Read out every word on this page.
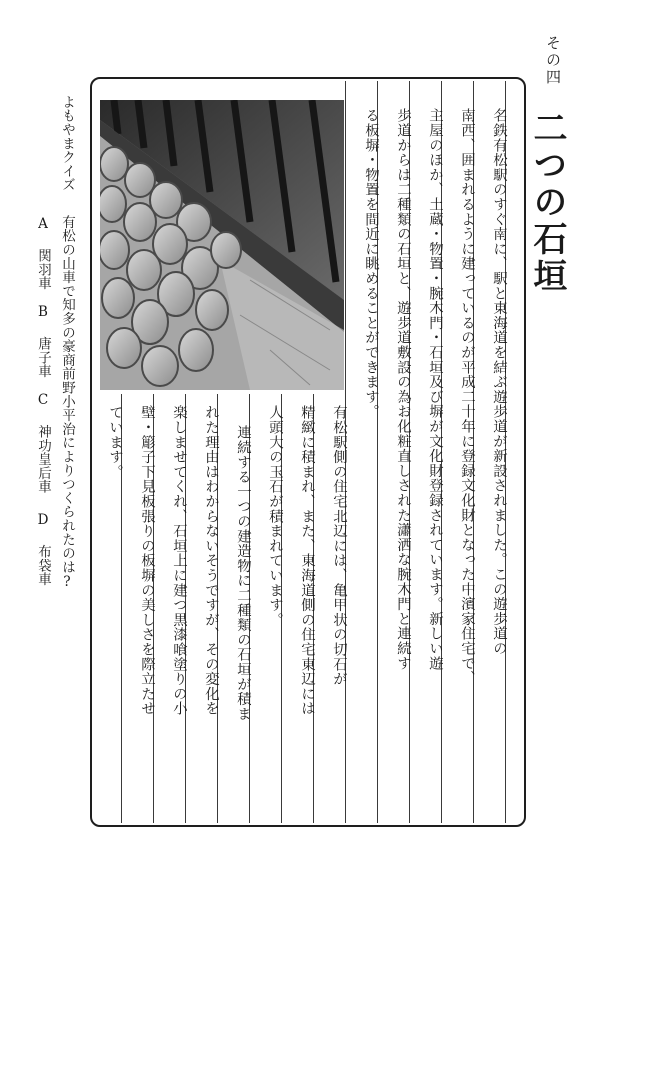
その四
二つの石垣
名鉄有松駅のすぐ南に、駅と東海道を結ぶ遊歩道が新設されました。この遊歩道の
南西、囲まれるように建っているのが平成二十年に登録文化財となった中濱家住宅で、
主屋のほか、土蔵・物置・腕木門・石垣及び塀が文化財登録されています。新しい遊
歩道からは二種類の石垣と、遊歩道敷設の為お化粧直しされた瀟洒な腕木門と連続す
る板塀・物置を間近に眺めることができます。
有松駅側の住宅北辺には、亀甲状の切石が
精緻に積まれ、また、東海道側の住宅東辺には
人頭大の玉石が積まれています。
連続する一つの建造物に二種類の石垣が積ま
れた理由はわからないそうですが、その変化を
楽しませてくれ、石垣上に建つ黒漆喰塗りの小
壁・簓子下見板張りの板塀の美しさを際立たせ
ています。
よもやまクイズ
有松の山車で知多の豪商前野小平治によりつくられたのは?
A 関羽車
B 唐子車
C 神功皇后車
D 布袋車
